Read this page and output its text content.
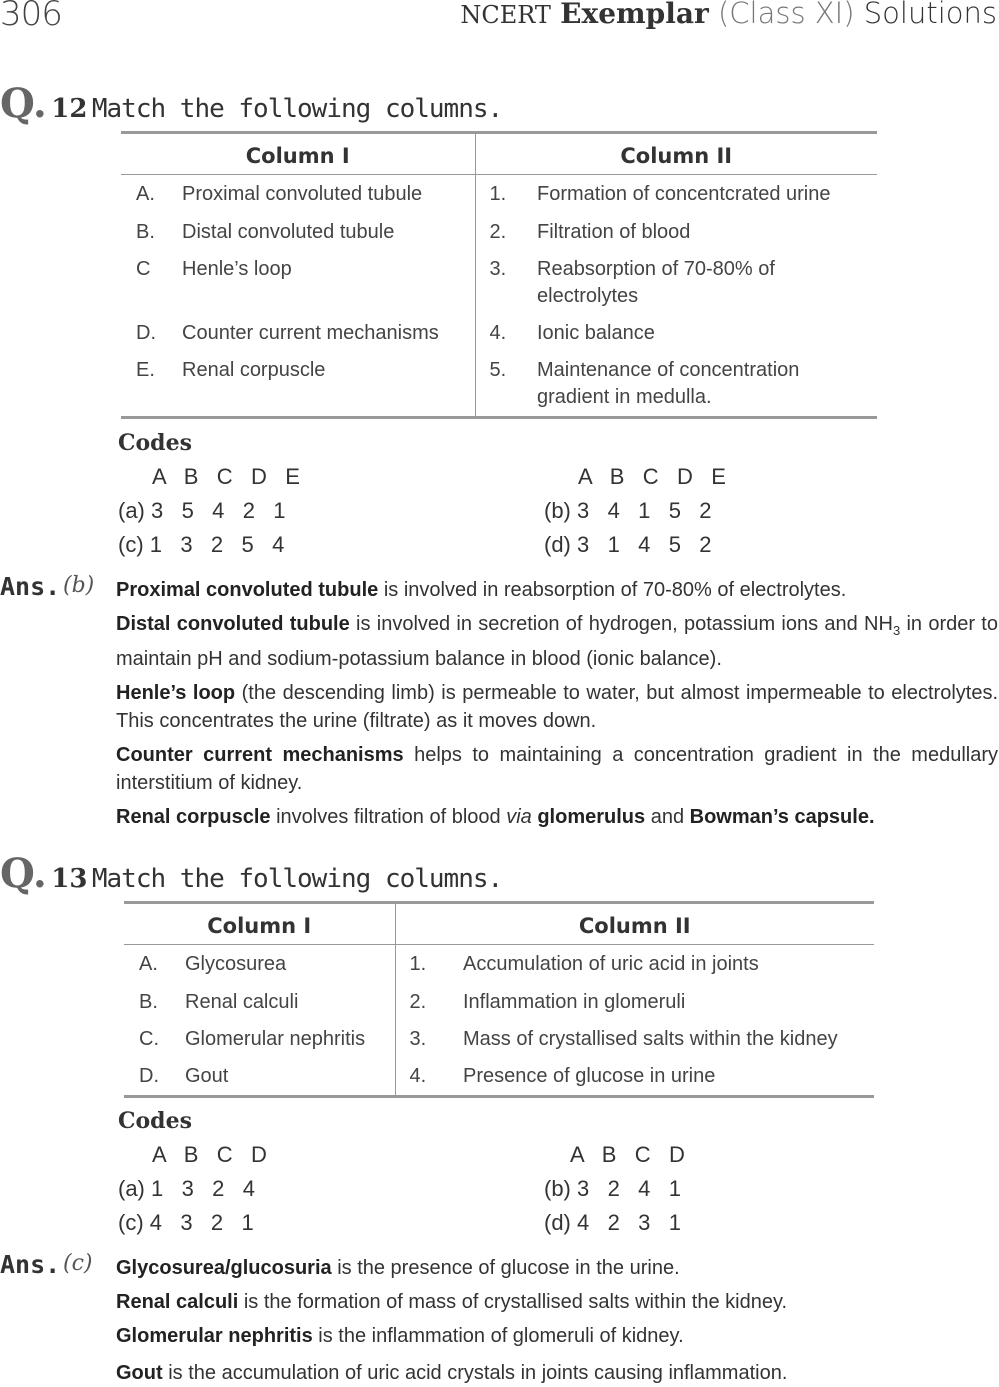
306	NCERT Exemplar (Class XI) Solutions
Q. 12 Match the following columns.
Column I			Column II	
	A.	Proximal convoluted tubule	1.	Formation of concentcrated urine
	B.	Distal convoluted tubule	2.	Filtration of blood
	C	Henle’s loop	3.	Reabsorption of 70-80% of electrolytes
	D.	Counter current mechanisms	4.	Ionic balance
	E.	Renal corpuscle	5.	Maintenance of concentration gradient in medulla.
Codes
A   B   C   D   E	A   B   C   D   E
(a) 3   5   4   2   1	(b) 3   4   1   5   2
(c) 1   3   2   5   4	(d) 3   1   4   5   2
Ans. (b) Proximal convoluted tubule is involved in reabsorption of 70-80% of electrolytes.
Distal convoluted tubule is involved in secretion of hydrogen, potassium ions and $NH_3$ in order to maintain pH and sodium-potassium balance in blood (ionic balance).
Henle’s loop (the descending limb) is permeable to water, but almost impermeable to electrolytes. This concentrates the urine (filtrate) as it moves down.
Counter current mechanisms helps to maintaining a concentration gradient in the medullary interstitium of kidney.
Renal corpuscle involves filtration of blood via glomerulus and Bowman’s capsule.
Q. 13 Match the following columns.
Column I			Column II	
	A.	Glycosurea	1.	Accumulation of uric acid in joints
	B.	Renal calculi	2.	Inflammation in glomeruli
	C.	Glomerular nephritis	3.	Mass of crystallised salts within the kidney
	D.	Gout	4.	Presence of glucose in urine
Codes
A   B   C   D	A   B   C   D
(a) 1   3   2   4	(b) 3   2   4   1
(c) 4   3   2   1	(d) 4   2   3   1
Ans. (c) Glycosurea/glucosuria is the presence of glucose in the urine.
Renal calculi is the formation of mass of crystallised salts within the kidney.
Glomerular nephritis is the inflammation of glomeruli of kidney.
Gout is the accumulation of uric acid crystals in joints causing inflammation.
